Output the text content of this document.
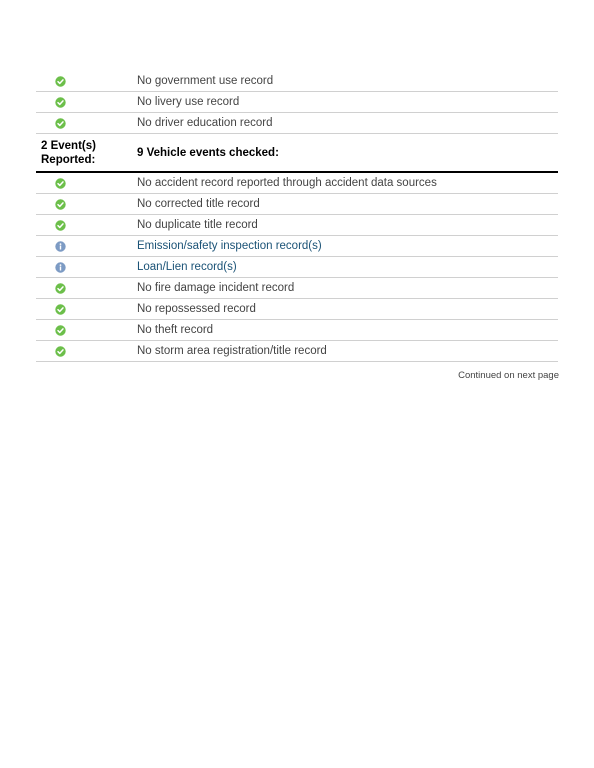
No government use record
No livery use record
No driver education record
2 Event(s)
Reported:
9 Vehicle events checked:
No accident record reported through accident data sources
No corrected title record
No duplicate title record
Emission/safety inspection record(s)
Loan/Lien record(s)
No fire damage incident record
No repossessed record
No theft record
No storm area registration/title record
Continued on next page
